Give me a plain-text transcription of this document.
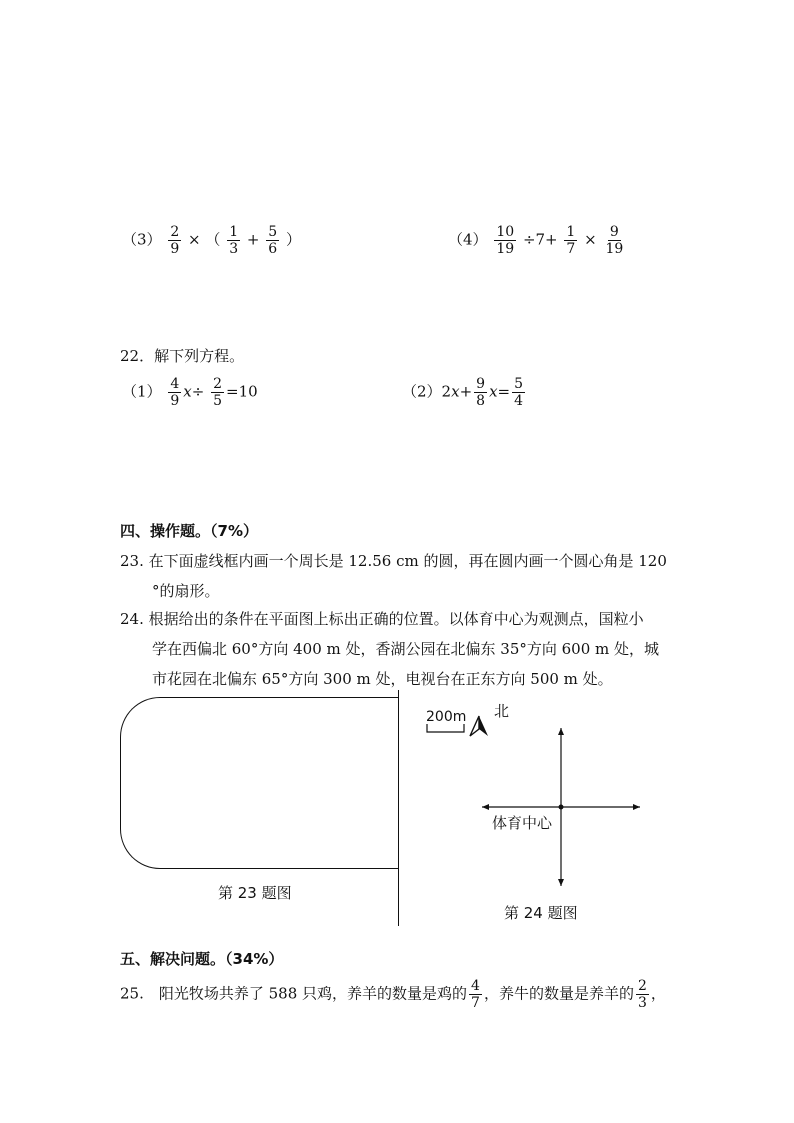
$(3) \frac{2}{9}$ × （ $\frac{1}{3} + \frac{5}{6}$ ）	$(4) \frac{10}{19} \div 7+ \frac{1}{7} \times \frac{9}{19}$
22．解下列方程。
$(1) \frac{4}{9} x\div \frac{2}{5} =10$	$(2)2x+ \frac{9}{8} x= \frac{5}{4}$
四、操作题。（7%）
23. 在下面虚线框内画一个周长是 12.56 cm 的圆，再在圆内画一个圆心角是 120
°的扇形。
24. 根据给出的条件在平面图上标出正确的位置。以体育中心为观测点，国粒小
学在西偏北 60°方向 400 m 处，香湖公园在北偏东 35°方向 600 m 处，城
市花园在北偏东 65°方向 300 m 处，电视台在正东方向 500 m 处。
第 23 题图
200m 北
体育中心
第 24 题图
五、解决问题。（34%）
25.　阳光牧场共养了 588 只鸡，养羊的数量是鸡的 $\frac{4}{7}$ ，养牛的数量是养羊的 $\frac{2}{3}$ ，
